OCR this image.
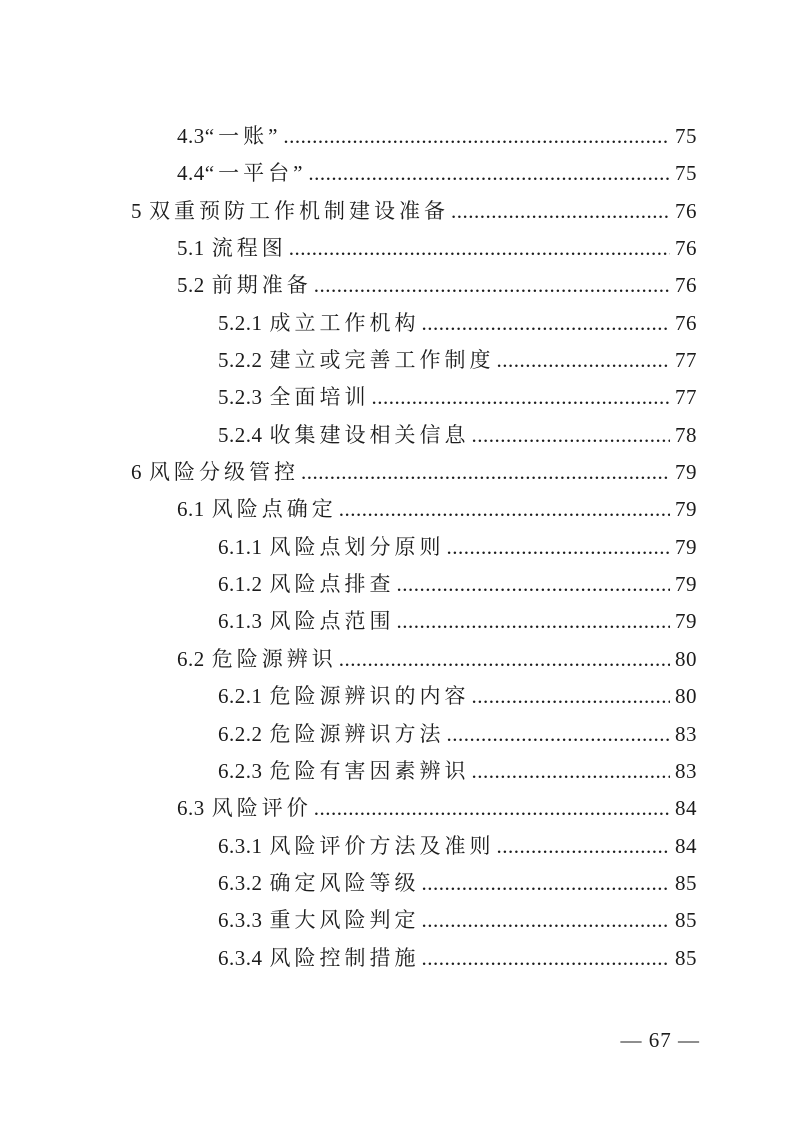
4.3 “一账” .....	75
4.4 “一平台” .....	75
5 双重预防工作机制建设准备 .....	76
5.1 流程图 .....	76
5.2 前期准备 .....	76
5.2.1 成立工作机构 .....	76
5.2.2 建立或完善工作制度 .....	77
5.2.3 全面培训 .....	77
5.2.4 收集建设相关信息 .....	78
6 风险分级管控 .....	79
6.1 风险点确定 .....	79
6.1.1 风险点划分原则 .....	79
6.1.2 风险点排查 .....	79
6.1.3 风险点范围 .....	79
6.2 危险源辨识 .....	80
6.2.1 危险源辨识的内容 .....	80
6.2.2 危险源辨识方法 .....	83
6.2.3 危险有害因素辨识 .....	83
6.3 风险评价 .....	84
6.3.1 风险评价方法及准则 .....	84
6.3.2 确定风险等级 .....	85
6.3.3 重大风险判定 .....	85
6.3.4 风险控制措施 .....	85
— 67 —
